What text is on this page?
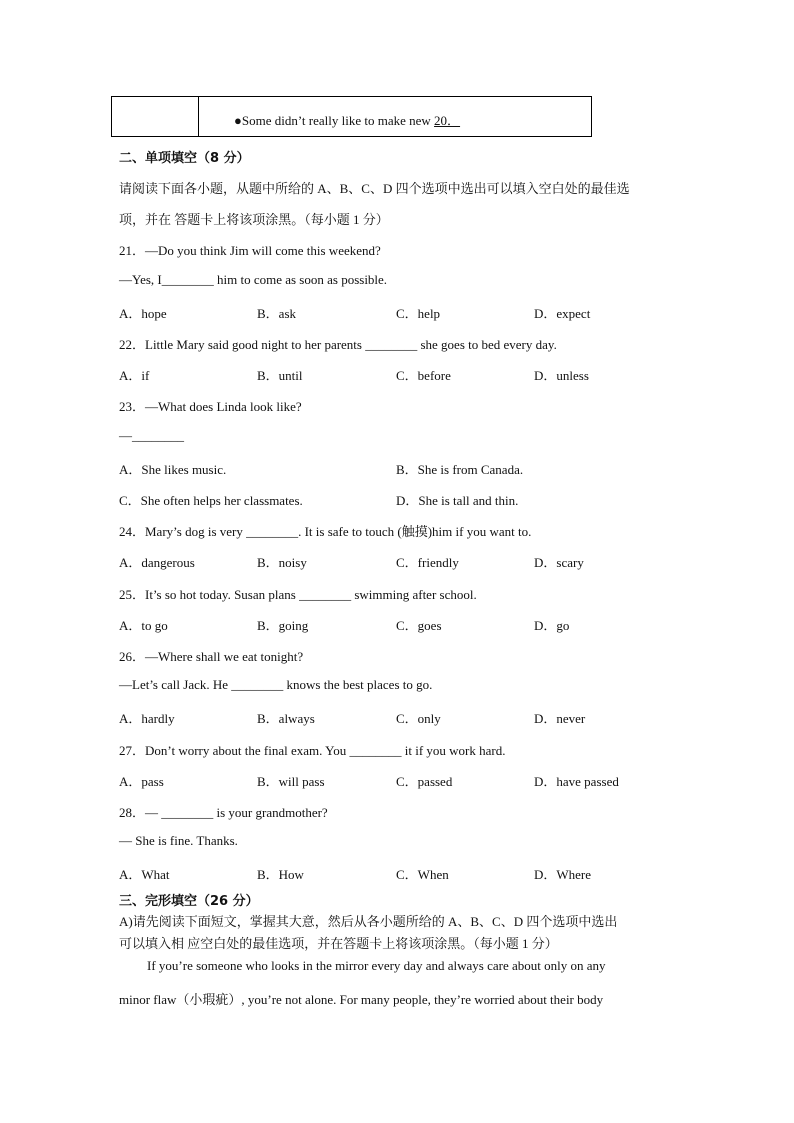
●Some didn’t really like to make new 20．
二、单项填空（8 分）
请阅读下面各小题，从题中所给的 A、B、C、D 四个选项中选出可以填入空白处的最佳选
项，并在 答题卡上将该项涂黑。（每小题 1 分）
21．—Do you think Jim will come this weekend?
—Yes, I________ him to come as soon as possible.
A．hope	B．ask	C．help	D．expect
22．Little Mary said good night to her parents ________ she goes to bed every day.
A．if	B．until	C．before	D．unless
23．—What does Linda look like?
—________
A．She likes music.	B．She is from Canada.
C．She often helps her classmates.	D．She is tall and thin.
24．Mary’s dog is very ________. It is safe to touch (触摸)him if you want to.
A．dangerous	B．noisy	C．friendly	D．scary
25．It’s so hot today. Susan plans ________ swimming after school.
A．to go	B．going	C．goes	D．go
26．—Where shall we eat tonight?
—Let’s call Jack. He ________ knows the best places to go.
A．hardly	B．always	C．only	D．never
27．Don’t worry about the final exam. You ________ it if you work hard.
A．pass	B．will pass	C．passed	D．have passed
28．— ________ is your grandmother?
— She is fine. Thanks.
A．What	B．How	C．When	D．Where
三、完形填空（26 分）
A)请先阅读下面短文，掌握其大意，然后从各小题所给的 A、B、C、D 四个选项中选出
可以填入相 应空白处的最佳选项，并在答题卡上将该项涂黑。（每小题 1 分）
If you’re someone who looks in the mirror every day and always care about only on any
minor flaw（小瑕疵）, you’re not alone. For many people, they’re worried about their body
